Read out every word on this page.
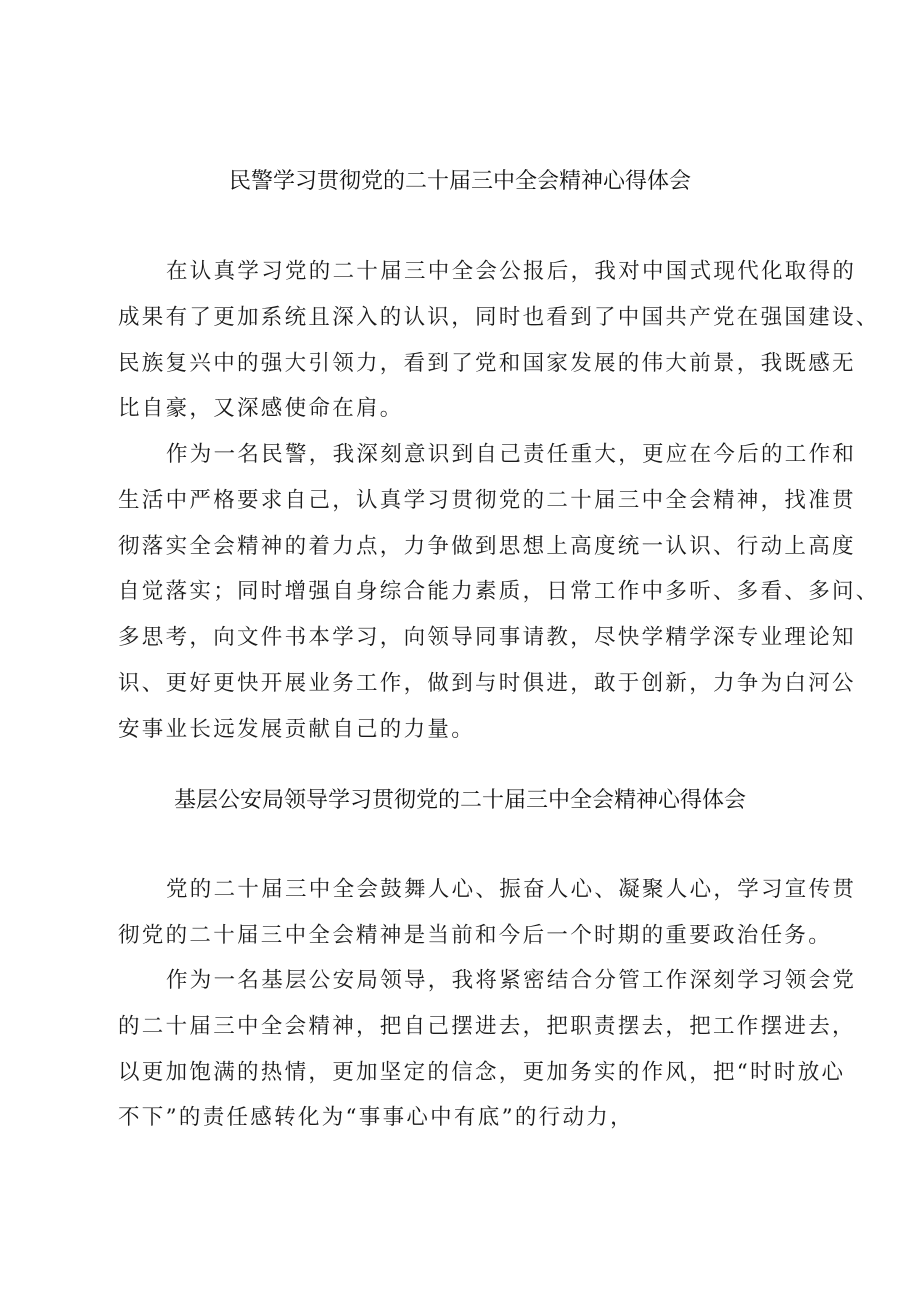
民警学习贯彻党的二十届三中全会精神心得体会
在认真学习党的二十届三中全会公报后，我对中国式现代化取得的
成果有了更加系统且深入的认识，同时也看到了中国共产党在强国建设、
民族复兴中的强大引领力，看到了党和国家发展的伟大前景，我既感无
比自豪，又深感使命在肩。
作为一名民警，我深刻意识到自己责任重大，更应在今后的工作和
生活中严格要求自己，认真学习贯彻党的二十届三中全会精神，找准贯
彻落实全会精神的着力点，力争做到思想上高度统一认识、行动上高度
自觉落实；同时增强自身综合能力素质，日常工作中多听、多看、多问、
多思考，向文件书本学习，向领导同事请教，尽快学精学深专业理论知
识、更好更快开展业务工作，做到与时俱进，敢于创新，力争为白河公
安事业长远发展贡献自己的力量。
基层公安局领导学习贯彻党的二十届三中全会精神心得体会
党的二十届三中全会鼓舞人心、振奋人心、凝聚人心，学习宣传贯
彻党的二十届三中全会精神是当前和今后一个时期的重要政治任务。
作为一名基层公安局领导，我将紧密结合分管工作深刻学习领会党
的二十届三中全会精神，把自己摆进去，把职责摆去，把工作摆进去，
以更加饱满的热情，更加坚定的信念，更加务实的作风，把“时时放心
不下”的责任感转化为“事事心中有底”的行动力，
